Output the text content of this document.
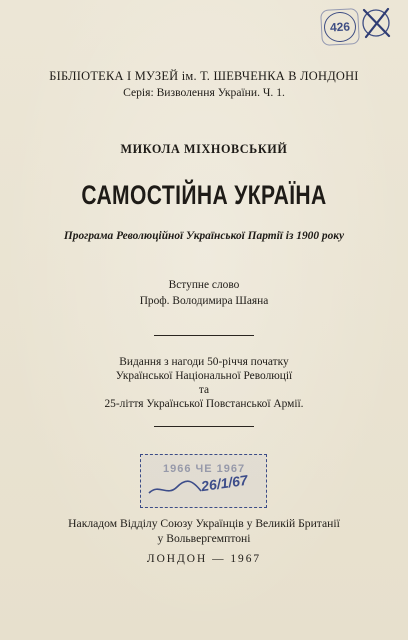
426
БІБЛІОТЕКА І МУЗЕЙ ім. Т. ШЕВЧЕНКА В ЛОНДОНІ
Серія: Визволення України. Ч. 1.
МИКОЛА МІХНОВСЬКИЙ
САМОСТІЙНА УКРАЇНА
Програма Революційної Української Партії із 1900 року
Вступне слово
Проф. Володимира Шаяна
Видання з нагоди 50-річчя початку
Української Національної Революції
та
25-ліття Української Повстанської Армії.
1966 ЧЕ 1967
26/1/67
Накладом Відділу Союзу Українців у Великій Британії
у Вольвергемптоні
ЛОНДОН — 1967
